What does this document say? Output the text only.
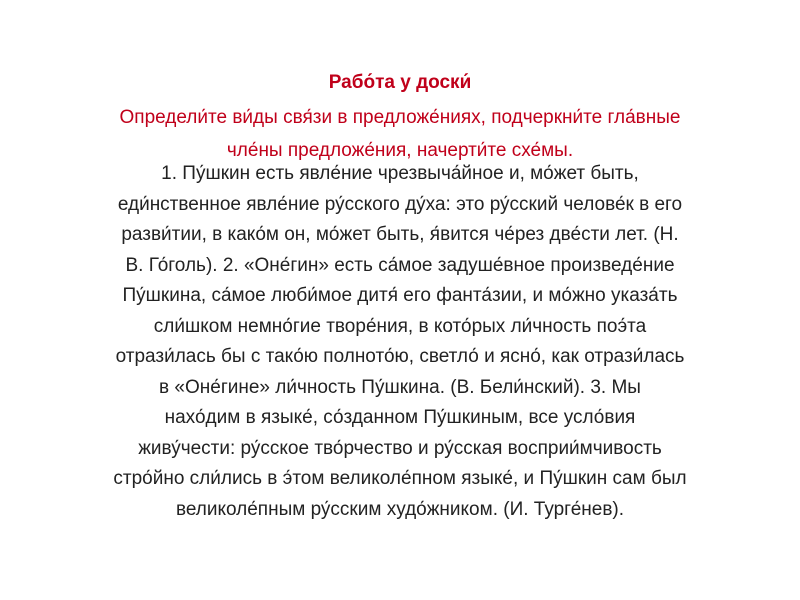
Рабо́та у доски́
Определи́те ви́ды свя́зи в предложе́ниях, подчеркни́те гла́вные
чле́ны предложе́ния, начерти́те схе́мы.
1. Пу́шкин есть явле́ние чрезвыча́йное и, мо́жет быть,
еди́нственное явле́ние ру́сского ду́ха: это ру́сский челове́к в его
разви́тии, в како́м он, мо́жет быть, я́вится че́рез две́сти лет. (Н.
В. Го́голь). 2. «Оне́гин» есть са́мое задуше́вное произведе́ние
Пу́шкина, са́мое люби́мое дитя́ его фанта́зии, и мо́жно указа́ть
сли́шком немно́гие творе́ния, в кото́рых ли́чность поэ́та
отрази́лась бы с тако́ю полното́ю, светло́ и ясно́, как отрази́лась
в «Оне́гине» ли́чность Пу́шкина. (В. Бели́нский). 3. Мы
нахо́дим в языке́, со́зданном Пу́шкиным, все усло́вия
живу́чести: ру́сское тво́рчество и ру́сская восприи́мчивость
стро́йно сли́лись в э́том великоле́пном языке́, и Пу́шкин сам был
великоле́пным ру́сским худо́жником. (И. Турге́нев).
